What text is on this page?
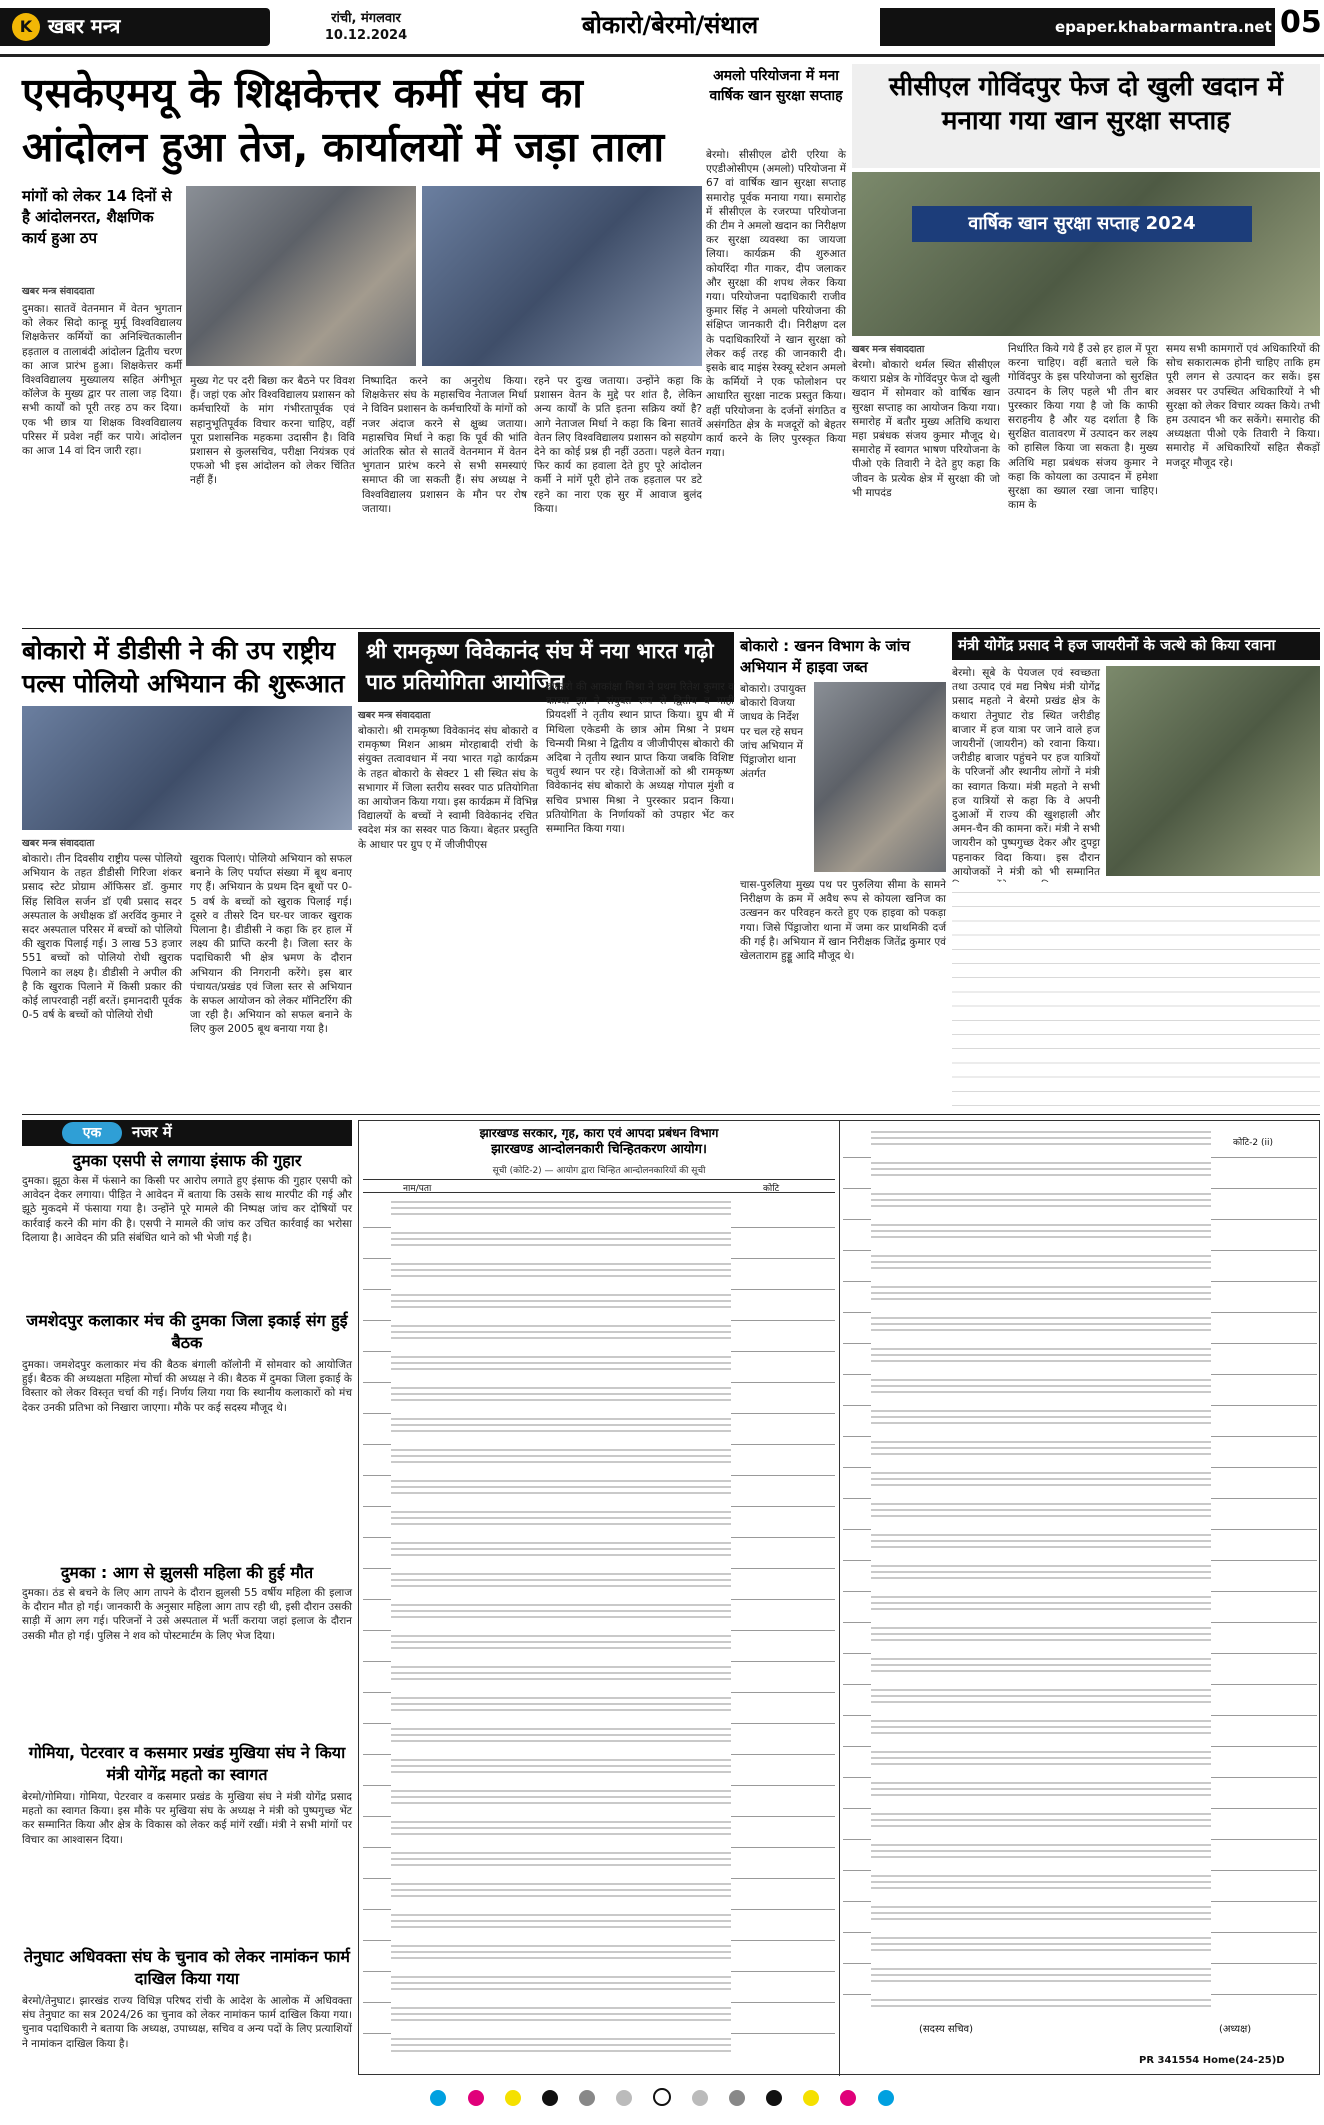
K खबर मन्त्र	रांची, मंगलवार
10.12.2024	बोकारो/बेरमो/संथाल	epaper.khabarmantra.net 05
एसकेएमयू के शिक्षकेत्तर कर्मी संघ का आंदोलन हुआ तेज, कार्यालयों में जड़ा ताला
मांगों को लेकर 14 दिनों से है आंदोलनरत, शैक्षणिक कार्य हुआ ठप
खबर मन्त्र संवाददाता
दुमका। सातवें वेतनमान में वेतन भुगतान को लेकर सिदो कान्हू मुर्मू विश्वविद्यालय शिक्षकेत्तर कर्मियों का अनिश्चितकालीन हड़ताल व तालाबंदी आंदोलन द्वितीय चरण का आज प्रारंभ हुआ। शिक्षकेत्तर कर्मी विश्वविद्यालय मुख्यालय सहित अंगीभूत कॉलेज के मुख्य द्वार पर ताला जड़ दिया। सभी कार्यों को पूरी तरह ठप कर दिया। एक भी छात्र या शिक्षक विश्वविद्यालय परिसर में प्रवेश नहीं कर पाये। आंदोलन का आज 14 वां दिन जारी रहा।
मुख्य गेट पर दरी बिछा कर बैठने पर विवश हैं। जहां एक ओर विश्वविद्यालय प्रशासन को कर्मचारियों के मांग गंभीरतापूर्वक एवं सहानुभूतिपूर्वक विचार करना चाहिए, वहीं पूरा प्रशासनिक महकमा उदासीन है। विवि प्रशासन से कुलसचिव, परीक्षा नियंत्रक एवं एफओ भी इस आंदोलन को लेकर चिंतित नहीं हैं।
निष्पादित करने का अनुरोध किया। शिक्षकेत्तर संघ के महासचिव नेताजल मिर्धा ने विविन प्रशासन के कर्मचारियों के मांगों को नजर अंदाज करने से क्षुब्ध जताया। महासचिव मिर्धा ने कहा कि पूर्व की भांति आंतरिक स्रोत से सातवें वेतनमान में वेतन भुगतान प्रारंभ करने से सभी समस्याएं समाप्त की जा सकती हैं। संघ अध्यक्ष ने विश्वविद्यालय प्रशासन के मौन पर रोष जताया।
रहने पर दुःख जताया। उन्होंने कहा कि प्रशासन वेतन के मुद्दे पर शांत है, लेकिन अन्य कार्यों के प्रति इतना सक्रिय क्यों है? आगे नेताजल मिर्धा ने कहा कि बिना सातवें वेतन लिए विश्वविद्यालय प्रशासन को सहयोग देने का कोई प्रश्न ही नहीं उठता। पहले वेतन फिर कार्य का हवाला देते हुए पूरे आंदोलन कर्मी ने मांगें पूरी होने तक हड़ताल पर डटे रहने का नारा एक सुर में आवाज बुलंद किया।
अमलो परियोजना में मना वार्षिक खान सुरक्षा सप्ताह
बेरमो। सीसीएल ढोरी एरिया के एएडीओसीएम (अमलो) परियोजना में 67 वां वार्षिक खान सुरक्षा सप्ताह समारोह पूर्वक मनाया गया। समारोह में सीसीएल के रजरप्पा परियोजना की टीम ने अमलो खदान का निरीक्षण कर सुरक्षा व्यवस्था का जायजा लिया। कार्यक्रम की शुरुआत कोयरिंदा गीत गाकर, दीप जलाकर और सुरक्षा की शपथ लेकर किया गया। परियोजना पदाधिकारी राजीव कुमार सिंह ने अमलो परियोजना की संक्षिप्त जानकारी दी। निरीक्षण दल के पदाधिकारियों ने खान सुरक्षा को लेकर कई तरह की जानकारी दी। इसके बाद माइंस रेस्क्यू स्टेशन अमलो के कर्मियों ने एक फोलोशन पर आधारित सुरक्षा नाटक प्रस्तुत किया। वहीं परियोजना के दर्जनों संगठित व असंगठित क्षेत्र के मजदूरों को बेहतर कार्य करने के लिए पुरस्कृत किया गया।
सीसीएल गोविंदपुर फेज दो खुली खदान में मनाया गया खान सुरक्षा सप्ताह
वार्षिक खान सुरक्षा सप्ताह 2024
खबर मन्त्र संवाददाता
बेरमो। बोकारो थर्मल स्थित सीसीएल कथारा प्रक्षेत्र के गोविंदपुर फेज दो खुली खदान में सोमवार को वार्षिक खान सुरक्षा सप्ताह का आयोजन किया गया। समारोह में बतौर मुख्य अतिथि कथारा महा प्रबंधक संजय कुमार मौजूद थे। समारोह में स्वागत भाषण परियोजना के पीओ एके तिवारी ने देते हुए कहा कि जीवन के प्रत्येक क्षेत्र में सुरक्षा की जो भी मापदंड
निर्धारित किये गये हैं उसे हर हाल में पूरा करना चाहिए। वहीं बताते चले कि गोविंदपुर के इस परियोजना को सुरक्षित उत्पादन के लिए पहले भी तीन बार पुरस्कार किया गया है जो कि काफी सराहनीय है और यह दर्शाता है कि सुरक्षित वातावरण में उत्पादन कर लक्ष्य को हासिल किया जा सकता है। मुख्य अतिथि महा प्रबंधक संजय कुमार ने कहा कि कोयला का उत्पादन में हमेशा सुरक्षा का ख्याल रखा जाना चाहिए। काम के
समय सभी कामगारों एवं अधिकारियों की सोच सकारात्मक होनी चाहिए ताकि हम पूरी लगन से उत्पादन कर सकें। इस अवसर पर उपस्थित अधिकारियों ने भी सुरक्षा को लेकर विचार व्यक्त किये। तभी हम उत्पादन भी कर सकेंगे। समारोह की अध्यक्षता पीओ एके तिवारी ने किया। समारोह में अधिकारियों सहित सैकड़ों मजदूर मौजूद रहे।
बोकारो में डीडीसी ने की उप राष्ट्रीय पल्स पोलियो अभियान की शुरूआत
खबर मन्त्र संवाददाता
बोकारो। तीन दिवसीय राष्ट्रीय पल्स पोलियो अभियान के तहत डीडीसी गिरिजा शंकर प्रसाद स्टेट प्रोग्राम ऑफिसर डॉ. कुमार सिंह सिविल सर्जन डॉ एबी प्रसाद सदर अस्पताल के अधीक्षक डॉ अरविंद कुमार ने सदर अस्पताल परिसर में बच्चों को पोलियो की खुराक पिलाई गई। 3 लाख 53 हजार 551 बच्चों को पोलियो रोधी खुराक पिलाने का लक्ष्य है। डीडीसी ने अपील की है कि खुराक पिलाने में किसी प्रकार की कोई लापरवाही नहीं बरतें। इमानदारी पूर्वक 0-5 वर्ष के बच्चों को पोलियो रोधी
खुराक पिलाएं। पोलियो अभियान को सफल बनाने के लिए पर्याप्त संख्या में बूथ बनाए गए हैं। अभियान के प्रथम दिन बूथों पर 0-5 वर्ष के बच्चों को खुराक पिलाई गई। दूसरे व तीसरे दिन घर-घर जाकर खुराक पिलाना है। डीडीसी ने कहा कि हर हाल में लक्ष्य की प्राप्ति करनी है। जिला स्तर के पदाधिकारी भी क्षेत्र भ्रमण के दौरान अभियान की निगरानी करेंगे। इस बार पंचायत/प्रखंड एवं जिला स्तर से अभियान के सफल आयोजन को लेकर मॉनिटरिंग की जा रही है। अभियान को सफल बनाने के लिए कुल 2005 बूथ बनाया गया है।
श्री रामकृष्ण विवेकानंद संघ में नया भारत गढ़ो पाठ प्रतियोगिता आयोजित
खबर मन्त्र संवाददाता
बोकारो। श्री रामकृष्ण विवेकानंद संघ बोकारो व रामकृष्ण मिशन आश्रम मोरहाबादी रांची के संयुक्त तत्वावधान में नया भारत गढ़ो कार्यक्रम के तहत बोकारो के सेक्टर 1 सी स्थित संघ के सभागार में जिला स्तरीय सस्वर पाठ प्रतियोगिता का आयोजन किया गया। इस कार्यक्रम में विभिन्न विद्यालयों के बच्चों ने स्वामी विवेकानंद रचित स्वदेश मंत्र का सस्वर पाठ किया। बेहतर प्रस्तुति के आधार पर ग्रुप ए में जीजीपीएस
बोकारो की आकांक्षा मिश्रा ने प्रथम रितेश कुमार व काव्या झा ने संयुक्त रूप से द्वितीय व माही प्रियदर्शी ने तृतीय स्थान प्राप्त किया। ग्रुप बी में मिथिला एकेडमी के छात्र ओम मिश्रा ने प्रथम चिन्मयी मिश्रा ने द्वितीय व जीजीपीएस बोकारो की अदिबा ने तृतीय स्थान प्राप्त किया जबकि विशिष्ट चतुर्थ स्थान पर रहे। विजेताओं को श्री रामकृष्ण विवेकानंद संघ बोकारो के अध्यक्ष गोपाल मुंशी व सचिव प्रभास मिश्रा ने पुरस्कार प्रदान किया। प्रतियोगिता के निर्णायकों को उपहार भेंट कर सम्मानित किया गया।
बोकारो : खनन विभाग के जांच अभियान में हाइवा जब्त
बोकारो। उपायुक्त बोकारो विजया जाधव के निर्देश पर चल रहे सघन जांच अभियान में पिंड्राजोरा थाना अंतर्गत
चास-पुरुलिया मुख्य पथ पर पुरुलिया सीमा के सामने निरीक्षण के क्रम में अवैध रूप से कोयला खनिज का उत्खनन कर परिवहन करते हुए एक हाइवा को पकड़ा गया। जिसे पिंड्राजोरा थाना में जमा कर प्राथमिकी दर्ज की गई है। अभियान में खान निरीक्षक जितेंद्र कुमार एवं खेलताराम हुड्डू आदि मौजूद थे।
मंत्री योगेंद्र प्रसाद ने हज जायरीनों के जत्थे को किया रवाना
बेरमो। सूबे के पेयजल एवं स्वच्छता तथा उत्पाद एवं मद्य निषेध मंत्री योगेंद्र प्रसाद महतो ने बेरमो प्रखंड क्षेत्र के कथारा तेनुघाट रोड स्थित जरीडीह बाजार में हज यात्रा पर जाने वाले हज जायरीनों (जायरीन) को रवाना किया। जरीडीह बाजार पहुंचने पर हज यात्रियों के परिजनों और स्थानीय लोगों ने मंत्री का स्वागत किया। मंत्री महतो ने सभी हज यात्रियों से कहा कि वे अपनी दुआओं में राज्य की खुशहाली और अमन-चैन की कामना करें। मंत्री ने सभी जायरीन को पुष्पगुच्छ देकर और दुपट्टा पहनाकर विदा किया। इस दौरान आयोजकों ने मंत्री को भी सम्मानित
एक	नजर में
दुमका एसपी से लगाया इंसाफ की गुहार
दुमका। झूठा केस में फंसाने का किसी पर आरोप लगाते हुए इंसाफ की गुहार एसपी को आवेदन देकर लगाया। पीड़ित ने आवेदन में बताया कि उसके साथ मारपीट की गई और झूठे मुकदमे में फंसाया गया है। उन्होंने पूरे मामले की निष्पक्ष जांच कर दोषियों पर कार्रवाई करने की मांग की है। एसपी ने मामले की जांच कर उचित कार्रवाई का भरोसा दिलाया है। आवेदन की प्रति संबंधित थाने को भी भेजी गई है।
जमशेदपुर कलाकार मंच की दुमका जिला इकाई संग हुई बैठक
दुमका। जमशेदपुर कलाकार मंच की बैठक बंगाली कॉलोनी में सोमवार को आयोजित हुई। बैठक की अध्यक्षता महिला मोर्चा की अध्यक्ष ने की। बैठक में दुमका जिला इकाई के विस्तार को लेकर विस्तृत चर्चा की गई। निर्णय लिया गया कि स्थानीय कलाकारों को मंच देकर उनकी प्रतिभा को निखारा जाएगा। मौके पर कई सदस्य मौजूद थे।
दुमका : आग से झुलसी महिला की हुई मौत
दुमका। ठंड से बचने के लिए आग तापने के दौरान झुलसी 55 वर्षीय महिला की इलाज के दौरान मौत हो गई। जानकारी के अनुसार महिला आग ताप रही थी, इसी दौरान उसकी साड़ी में आग लग गई। परिजनों ने उसे अस्पताल में भर्ती कराया जहां इलाज के दौरान उसकी मौत हो गई। पुलिस ने शव को पोस्टमार्टम के लिए भेज दिया।
गोमिया, पेटरवार व कसमार प्रखंड मुखिया संघ ने किया मंत्री योगेंद्र महतो का स्वागत
बेरमो/गोमिया। गोमिया, पेटरवार व कसमार प्रखंड के मुखिया संघ ने मंत्री योगेंद्र प्रसाद महतो का स्वागत किया। इस मौके पर मुखिया संघ के अध्यक्ष ने मंत्री को पुष्पगुच्छ भेंट कर सम्मानित किया और क्षेत्र के विकास को लेकर कई मांगें रखीं। मंत्री ने सभी मांगों पर विचार का आश्वासन दिया।
तेनुघाट अधिवक्ता संघ के चुनाव को लेकर नामांकन फार्म दाखिल किया गया
बेरमो/तेनुघाट। झारखंड राज्य विधिज्ञ परिषद रांची के आदेश के आलोक में अधिवक्ता संघ तेनुघाट का सत्र 2024/26 का चुनाव को लेकर नामांकन फार्म दाखिल किया गया। चुनाव पदाधिकारी ने बताया कि अध्यक्ष, उपाध्यक्ष, सचिव व अन्य पदों के लिए प्रत्याशियों ने नामांकन दाखिल किया है।
झारखण्ड सरकार, गृह, कारा एवं आपदा प्रबंधन विभाग
झारखण्ड आन्दोलनकारी चिन्हितकरण आयोग।
सूची (कोटि-2) — आयोग द्वारा चिन्हित आन्दोलनकारियों की सूची
नाम/पता	कोटि
कोटि-2 (ii)
(सदस्य सचिव)	(अध्यक्ष)
PR 341554 Home(24-25)D
